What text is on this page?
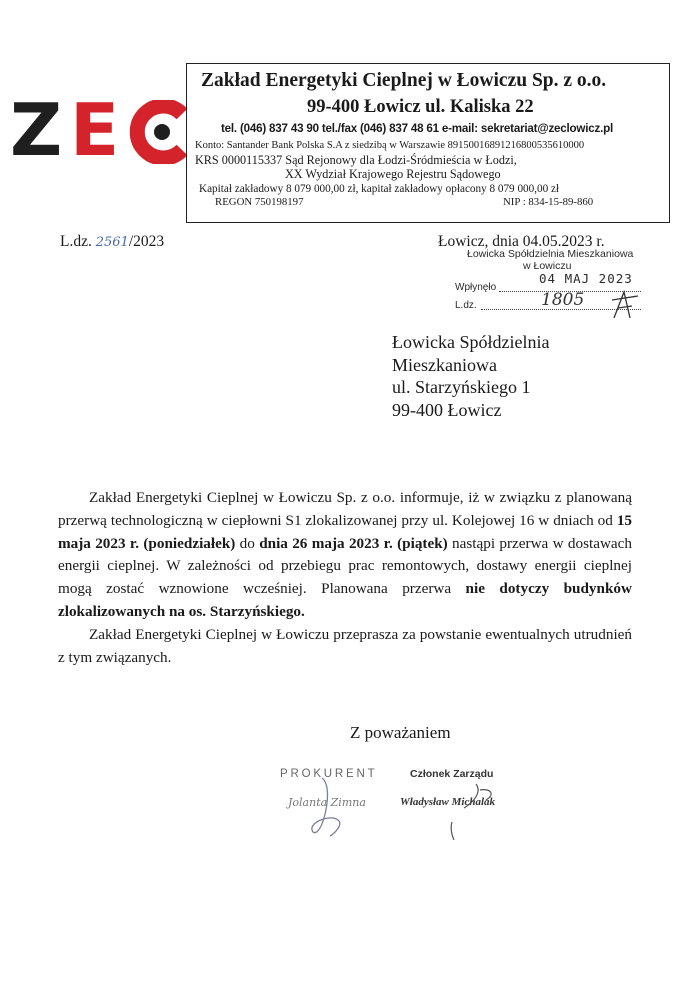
Z E
Zakład Energetyki Cieplnej w Łowiczu Sp. z o.o.
99-400 Łowicz ul. Kaliska 22
tel. (046) 837 43 90 tel./fax (046) 837 48 61 e-mail: sekretariat@zeclowicz.pl
Konto: Santander Bank Polska S.A z siedzibą w Warszawie 89150016891216800535610000
KRS 0000115337 Sąd Rejonowy dla Łodzi-Śródmieścia w Łodzi,
XX Wydział Krajowego Rejestru Sądowego
Kapitał zakładowy 8 079 000,00 zł, kapitał zakładowy opłacony 8 079 000,00 zł
REGON 750198197	NIP : 834-15-89-860
L.dz. 2561/2023	Łowicz, dnia 04.05.2023 r.
Łowicka Spółdzielnia Mieszkaniowa
w Łowiczu
04 MAJ 2023
Wpłynęło
L.dz.	1805
Łowicka Spółdzielnia
Mieszkaniowa
ul. Starzyńskiego 1
99-400 Łowicz

Zakład Energetyki Cieplnej w Łowiczu Sp. z o.o. informuje, iż w związku z planowaną przerwą technologiczną w ciepłowni S1 zlokalizowanej przy ul. Kolejowej 16 w dniach od 15 maja 2023 r. (poniedziałek) do dnia 26 maja 2023 r. (piątek) nastąpi przerwa w dostawach energii cieplnej. W zależności od przebiegu prac remontowych, dostawy energii cieplnej mogą zostać wznowione wcześniej. Planowana przerwa nie dotyczy budynków zlokalizowanych na os. Starzyńskiego.

Zakład Energetyki Cieplnej w Łowiczu przeprasza za powstanie ewentualnych utrudnień z tym związanych.

Z poważaniem
PROKURENT
Jolanta Zimna
Członek Zarządu
Władysław Michalak
